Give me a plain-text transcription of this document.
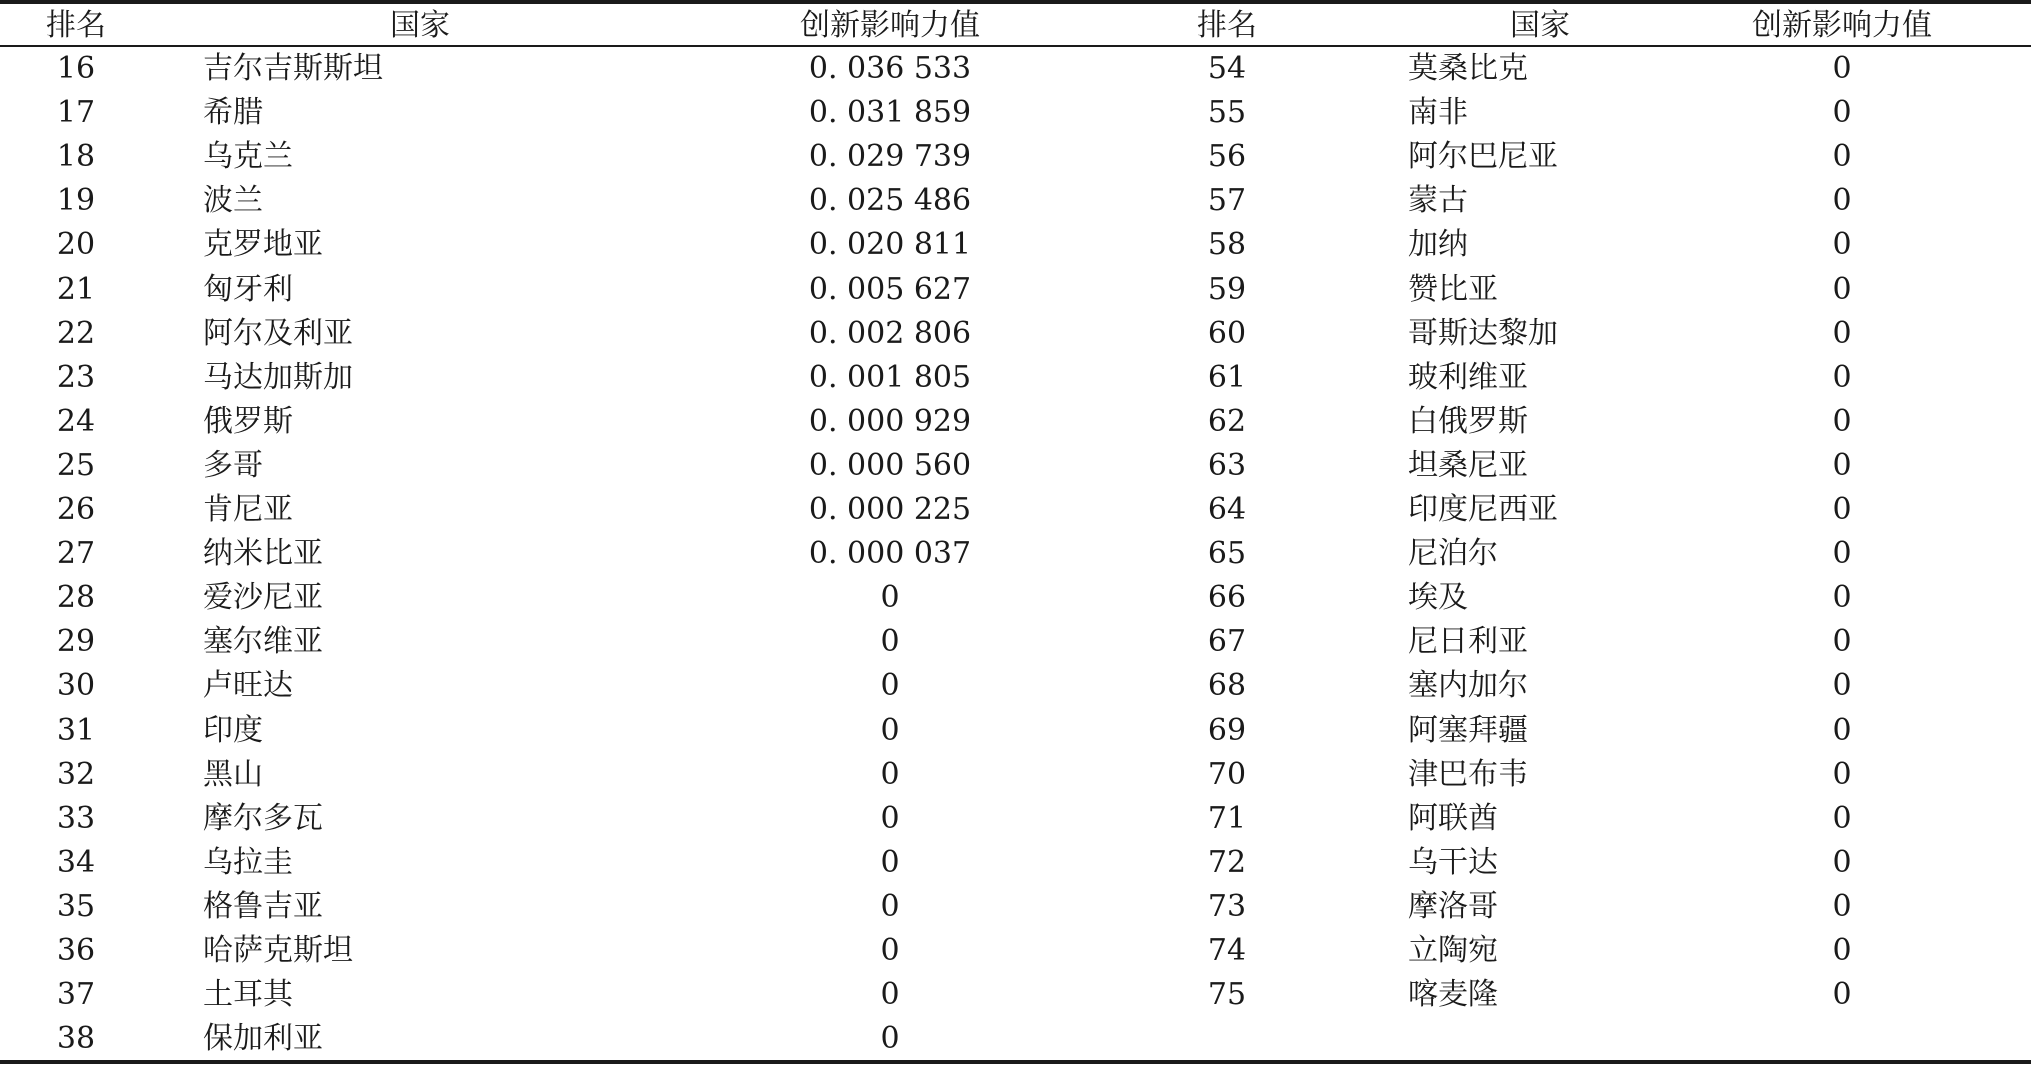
排名	国家	创新影响力值	排名	国家	创新影响力值
16	吉尔吉斯斯坦	0. 036 533	54	莫桑比克	0
17	希腊	0. 031 859	55	南非	0
18	乌克兰	0. 029 739	56	阿尔巴尼亚	0
19	波兰	0. 025 486	57	蒙古	0
20	克罗地亚	0. 020 811	58	加纳	0
21	匈牙利	0. 005 627	59	赞比亚	0
22	阿尔及利亚	0. 002 806	60	哥斯达黎加	0
23	马达加斯加	0. 001 805	61	玻利维亚	0
24	俄罗斯	0. 000 929	62	白俄罗斯	0
25	多哥	0. 000 560	63	坦桑尼亚	0
26	肯尼亚	0. 000 225	64	印度尼西亚	0
27	纳米比亚	0. 000 037	65	尼泊尔	0
28	爱沙尼亚	0	66	埃及	0
29	塞尔维亚	0	67	尼日利亚	0
30	卢旺达	0	68	塞内加尔	0
31	印度	0	69	阿塞拜疆	0
32	黑山	0	70	津巴布韦	0
33	摩尔多瓦	0	71	阿联酋	0
34	乌拉圭	0	72	乌干达	0
35	格鲁吉亚	0	73	摩洛哥	0
36	哈萨克斯坦	0	74	立陶宛	0
37	土耳其	0	75	喀麦隆	0
38	保加利亚	0
